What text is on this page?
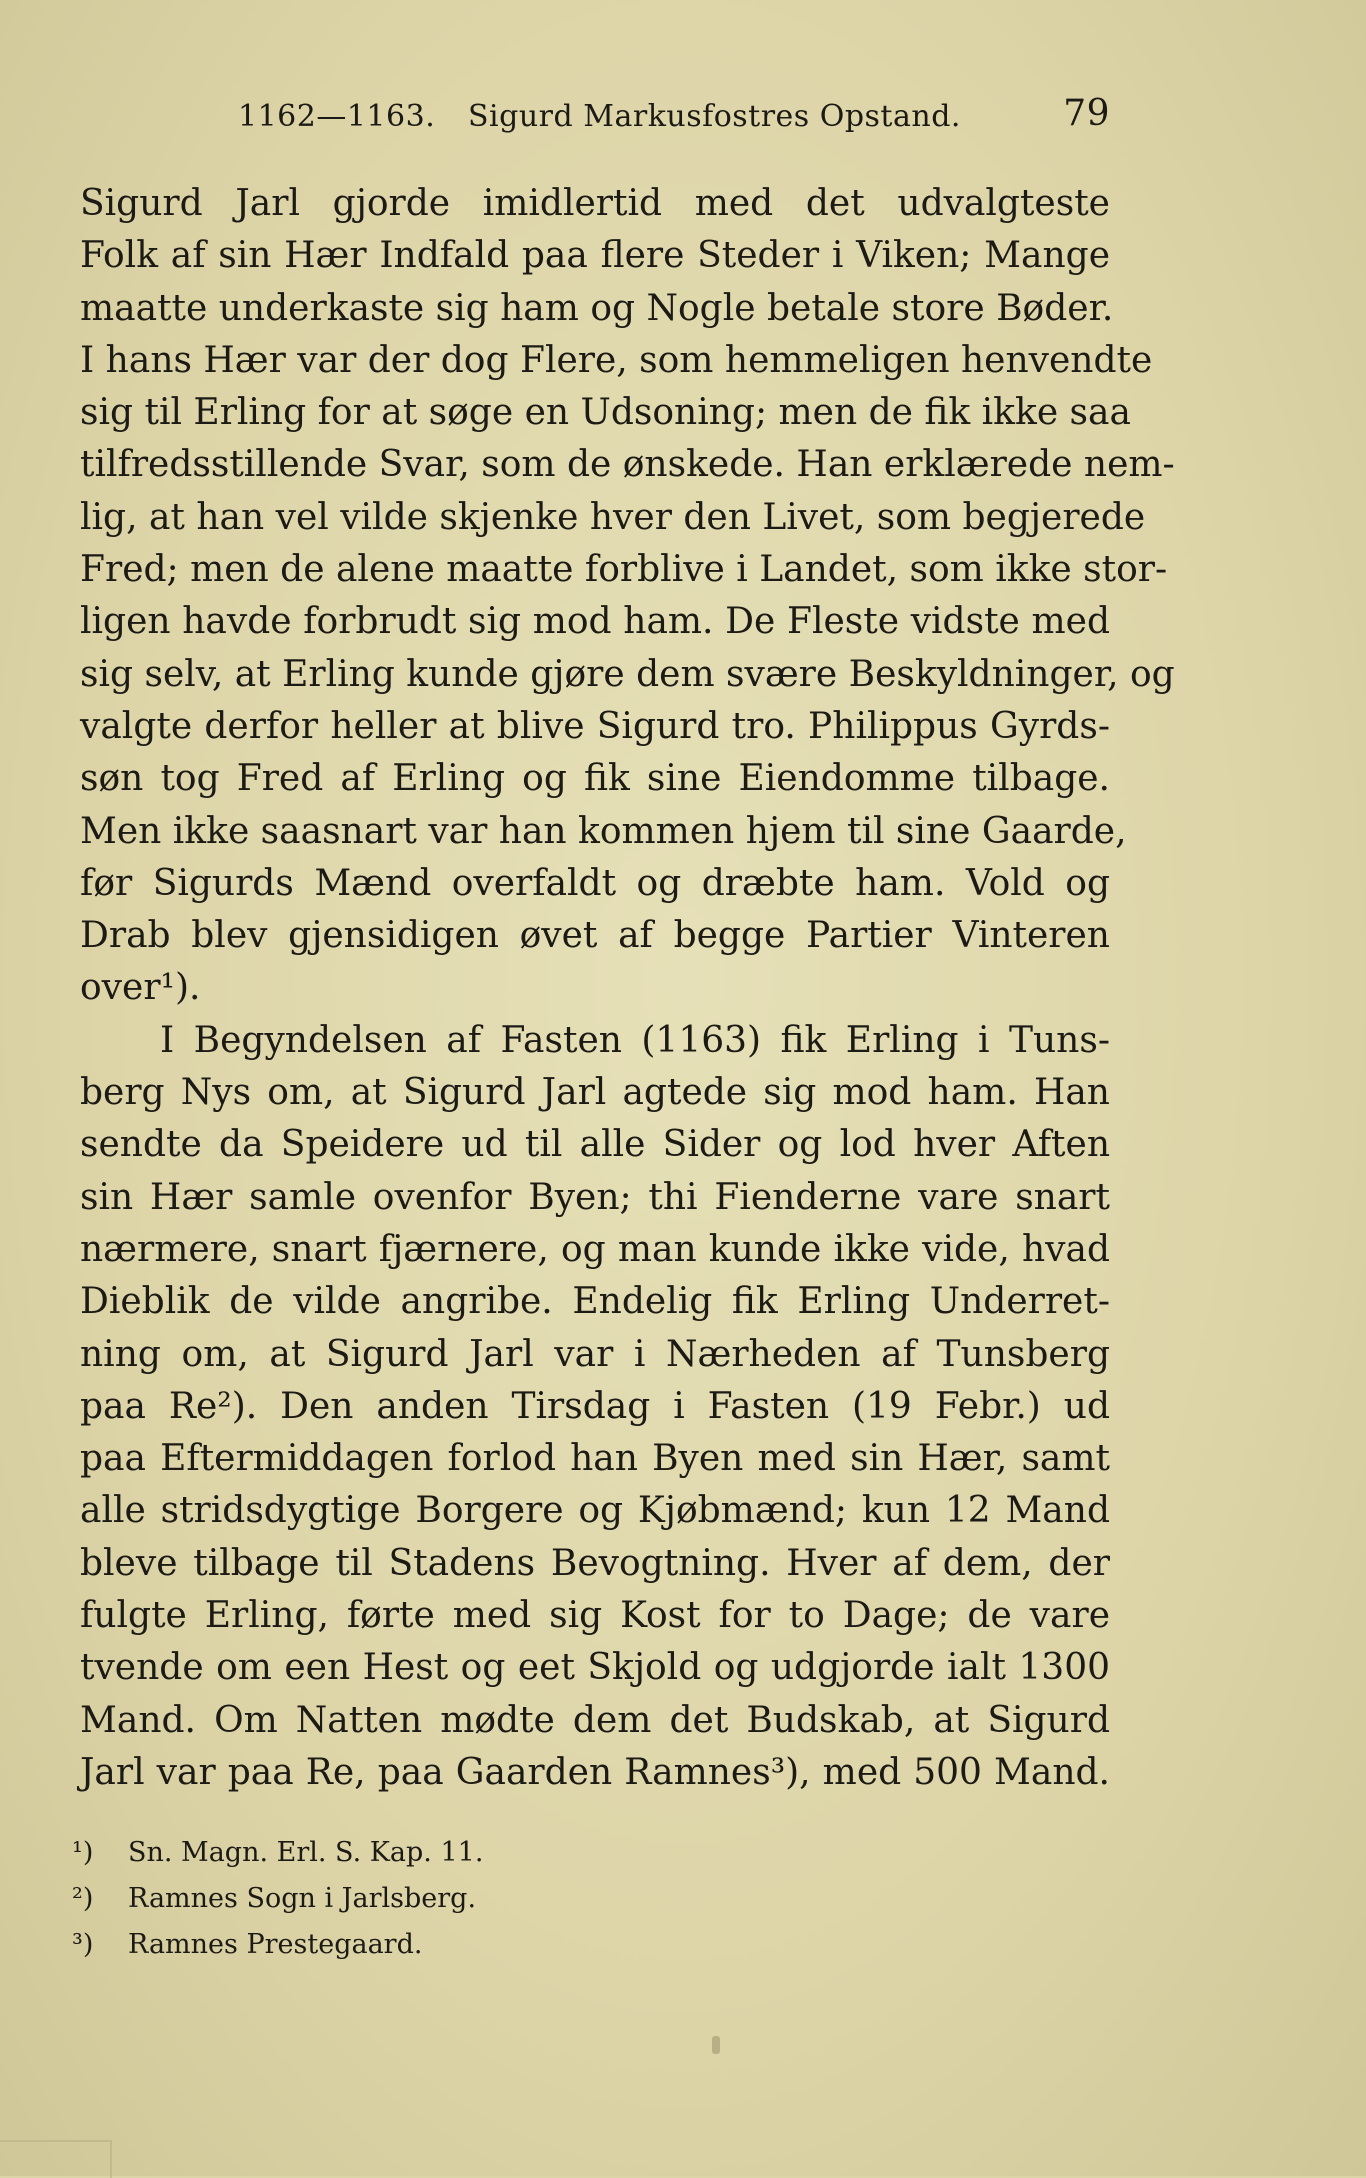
1162—1163. Sigurd Markusfostres Opstand.	79
Sigurd Jarl gjorde imidlertid med det udvalgteste
Folk af sin Hær Indfald paa flere Steder i Viken; Mange
maatte underkaste sig ham og Nogle betale store Bøder.
I hans Hær var der dog Flere, som hemmeligen henvendte
sig til Erling for at søge en Udsoning; men de fik ikke saa
tilfredsstillende Svar, som de ønskede. Han erklærede nem-
lig, at han vel vilde skjenke hver den Livet, som begjerede
Fred; men de alene maatte forblive i Landet, som ikke stor-
ligen havde forbrudt sig mod ham. De Fleste vidste med
sig selv, at Erling kunde gjøre dem svære Beskyldninger, og
valgte derfor heller at blive Sigurd tro. Philippus Gyrds-
søn tog Fred af Erling og fik sine Eiendomme tilbage.
Men ikke saasnart var han kommen hjem til sine Gaarde,
før Sigurds Mænd overfaldt og dræbte ham. Vold og
Drab blev gjensidigen øvet af begge Partier Vinteren
over¹).
I Begyndelsen af Fasten (1163) fik Erling i Tuns-
berg Nys om, at Sigurd Jarl agtede sig mod ham. Han
sendte da Speidere ud til alle Sider og lod hver Aften
sin Hær samle ovenfor Byen; thi Fienderne vare snart
nærmere, snart fjærnere, og man kunde ikke vide, hvad
Dieblik de vilde angribe. Endelig fik Erling Underret-
ning om, at Sigurd Jarl var i Nærheden af Tunsberg
paa Re²). Den anden Tirsdag i Fasten (19 Febr.) ud
paa Eftermiddagen forlod han Byen med sin Hær, samt
alle stridsdygtige Borgere og Kjøbmænd; kun 12 Mand
bleve tilbage til Stadens Bevogtning. Hver af dem, der
fulgte Erling, førte med sig Kost for to Dage; de vare
tvende om een Hest og eet Skjold og udgjorde ialt 1300
Mand. Om Natten mødte dem det Budskab, at Sigurd
Jarl var paa Re, paa Gaarden Ramnes³), med 500 Mand.
¹) Sn. Magn. Erl. S. Kap. 11.
²) Ramnes Sogn i Jarlsberg.
³) Ramnes Prestegaard.
